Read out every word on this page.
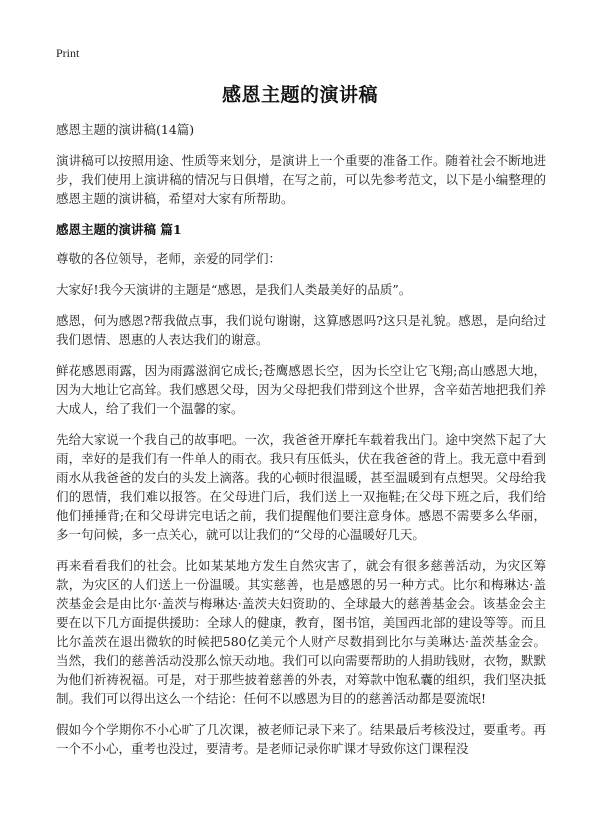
Print
感恩主题的演讲稿

感恩主题的演讲稿(14篇)

演讲稿可以按照用途、性质等来划分，是演讲上一个重要的准备工作。随着社会不断地进步，我们使用上演讲稿的情况与日俱增，在写之前，可以先参考范文，以下是小编整理的感恩主题的演讲稿，希望对大家有所帮助。

感恩主题的演讲稿 篇1

尊敬的各位领导，老师，亲爱的同学们：

大家好!我今天演讲的主题是“感恩，是我们人类最美好的品质”。

感恩，何为感恩?帮我做点事，我们说句谢谢，这算感恩吗?这只是礼貌。感恩，是向给过我们恩情、恩惠的人表达我们的谢意。

鲜花感恩雨露，因为雨露滋润它成长;苍鹰感恩长空，因为长空让它飞翔;高山感恩大地，因为大地让它高耸。我们感恩父母，因为父母把我们带到这个世界，含辛茹苦地把我们养大成人，给了我们一个温馨的家。

先给大家说一个我自己的故事吧。一次，我爸爸开摩托车载着我出门。途中突然下起了大雨，幸好的是我们有一件单人的雨衣。我只有压低头，伏在我爸爸的背上。我无意中看到雨水从我爸爸的发白的头发上滴落。我的心顿时很温暖，甚至温暖到有点想哭。父母给我们的恩情，我们难以报答。在父母进门后，我们送上一双拖鞋;在父母下班之后，我们给他们捶捶背;在和父母讲完电话之前，我们提醒他们要注意身体。感恩不需要多么华丽，多一句问候，多一点关心，就可以让我们的“父母的心温暖好几天。

再来看看我们的社会。比如某某地方发生自然灾害了，就会有很多慈善活动，为灾区筹款，为灾区的人们送上一份温暖。其实慈善，也是感恩的另一种方式。比尔和梅琳达·盖茨基金会是由比尔·盖茨与梅琳达·盖茨夫妇资助的、全球最大的慈善基金会。该基金会主要在以下几方面提供援助：全球人的健康，教育，图书馆，美国西北部的建设等等。而且比尔盖茨在退出微软的时候把580亿美元个人财产尽数捐到比尔与美琳达·盖茨基金会。当然，我们的慈善活动没那么惊天动地。我们可以向需要帮助的人捐助钱财，衣物，默默为他们祈祷祝福。可是，对于那些披着慈善的外表，对筹款中饱私囊的组织，我们坚决抵制。我们可以得出这么一个结论：任何不以感恩为目的的慈善活动都是耍流氓!

假如今个学期你不小心旷了几次课，被老师记录下来了。结果最后考核没过，要重考。再一个不小心，重考也没过，要清考。是老师记录你旷课才导致你这门课程没
